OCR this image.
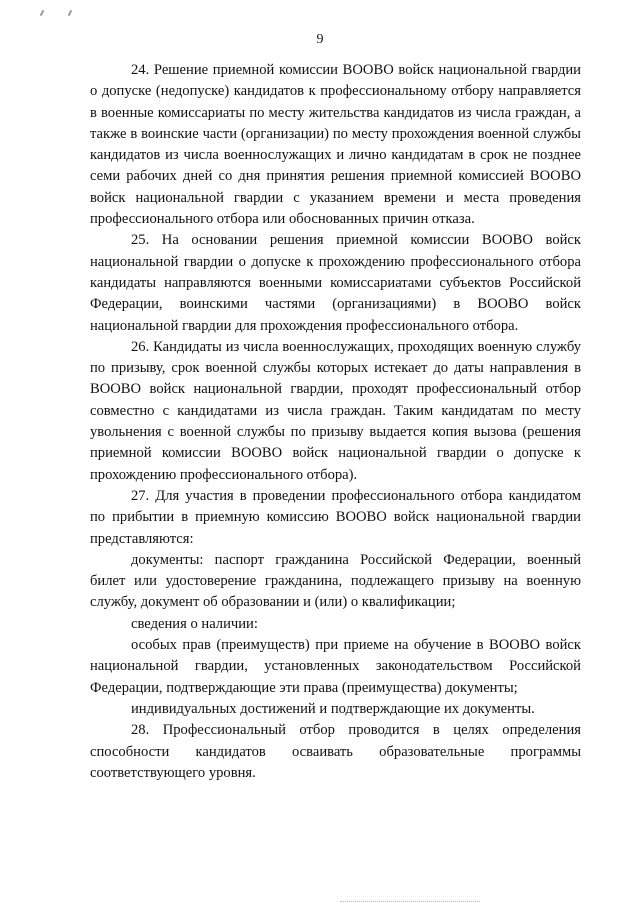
9

24. Решение приемной комиссии ВООВО войск национальной гвардии о допуске (недопуске) кандидатов к профессиональному отбору направляется в военные комиссариаты по месту жительства кандидатов из числа граждан, а также в воинские части (организации) по месту прохождения военной службы кандидатов из числа военнослужащих и лично кандидатам в срок не позднее семи рабочих дней со дня принятия решения приемной комиссией ВООВО войск национальной гвардии с указанием времени и места проведения профессионального отбора или обоснованных причин отказа.

25. На основании решения приемной комиссии ВООВО войск национальной гвардии о допуске к прохождению профессионального отбора кандидаты направляются военными комиссариатами субъектов Российской Федерации, воинскими частями (организациями) в ВООВО войск национальной гвардии для прохождения профессионального отбора.

26. Кандидаты из числа военнослужащих, проходящих военную службу по призыву, срок военной службы которых истекает до даты направления в ВООВО войск национальной гвардии, проходят профессиональный отбор совместно с кандидатами из числа граждан. Таким кандидатам по месту увольнения с военной службы по призыву выдается копия вызова (решения приемной комиссии ВООВО войск национальной гвардии о допуске к прохождению профессионального отбора).

27. Для участия в проведении профессионального отбора кандидатом по прибытии в приемную комиссию ВООВО войск национальной гвардии представляются:

документы: паспорт гражданина Российской Федерации, военный билет или удостоверение гражданина, подлежащего призыву на военную службу, документ об образовании и (или) о квалификации;

сведения о наличии:

особых прав (преимуществ) при приеме на обучение в ВООВО войск национальной гвардии, установленных законодательством Российской Федерации, подтверждающие эти права (преимущества) документы;

индивидуальных достижений и подтверждающие их документы.

28. Профессиональный отбор проводится в целях определения способности кандидатов осваивать образовательные программы соответствующего уровня.
